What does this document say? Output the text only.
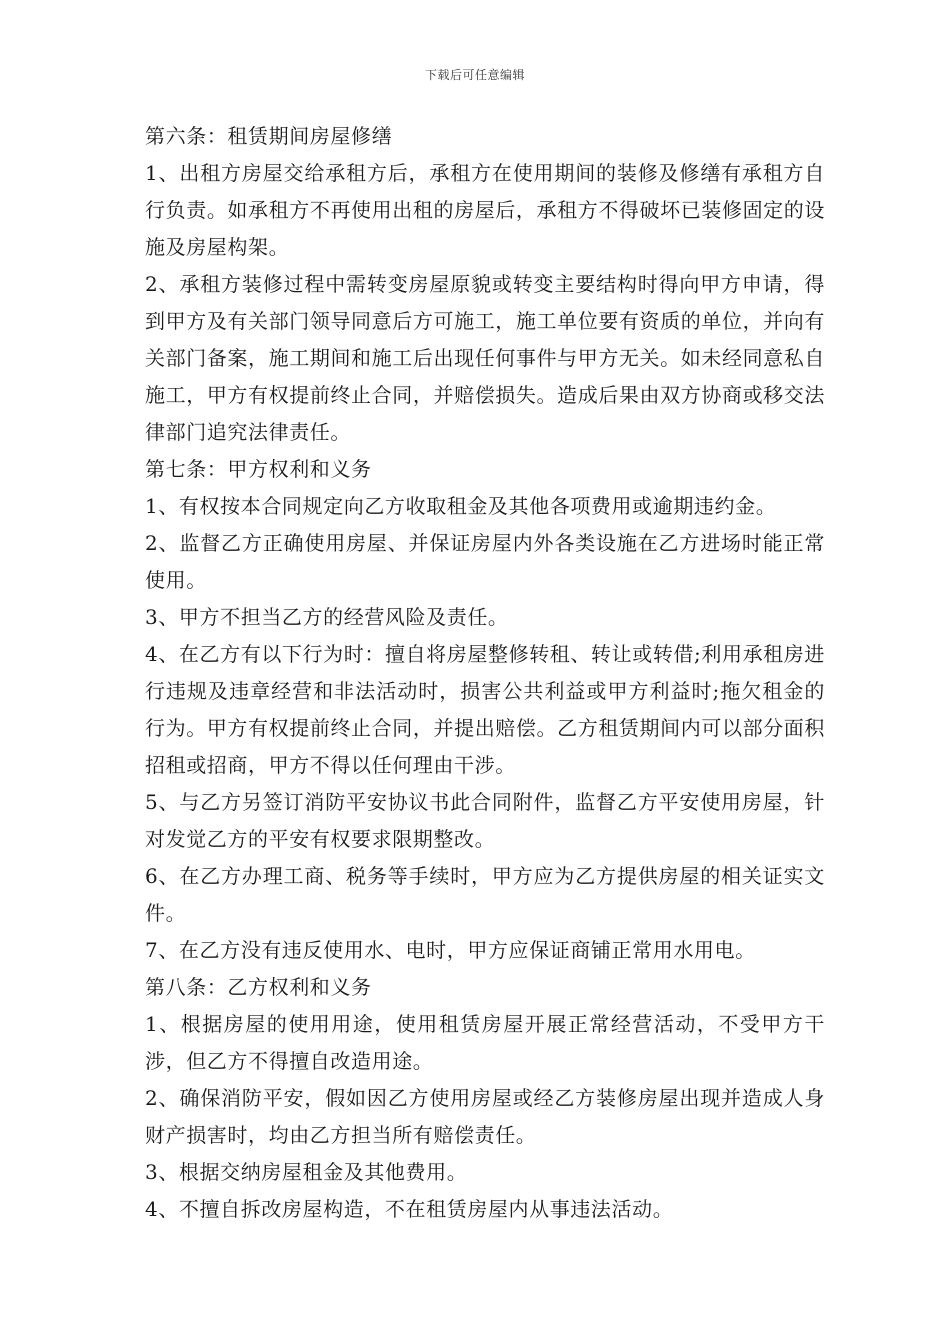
下载后可任意编辑

第六条：租赁期间房屋修缮

1、出租方房屋交给承租方后，承租方在使用期间的装修及修缮有承租方自行负责。如承租方不再使用出租的房屋后，承租方不得破坏已装修固定的设施及房屋构架。

2、承租方装修过程中需转变房屋原貌或转变主要结构时得向甲方申请，得到甲方及有关部门领导同意后方可施工，施工单位要有资质的单位，并向有关部门备案，施工期间和施工后出现任何事件与甲方无关。如未经同意私自施工，甲方有权提前终止合同，并赔偿损失。造成后果由双方协商或移交法律部门追究法律责任。

第七条：甲方权利和义务

1、有权按本合同规定向乙方收取租金及其他各项费用或逾期违约金。

2、监督乙方正确使用房屋、并保证房屋内外各类设施在乙方进场时能正常使用。

3、甲方不担当乙方的经营风险及责任。

4、在乙方有以下行为时：擅自将房屋整修转租、转让或转借;利用承租房进行违规及违章经营和非法活动时，损害公共利益或甲方利益时;拖欠租金的行为。甲方有权提前终止合同，并提出赔偿。乙方租赁期间内可以部分面积招租或招商，甲方不得以任何理由干涉。

5、与乙方另签订消防平安协议书此合同附件，监督乙方平安使用房屋，针对发觉乙方的平安有权要求限期整改。

6、在乙方办理工商、税务等手续时，甲方应为乙方提供房屋的相关证实文件。

7、在乙方没有违反使用水、电时，甲方应保证商铺正常用水用电。

第八条：乙方权利和义务

1、根据房屋的使用用途，使用租赁房屋开展正常经营活动，不受甲方干涉，但乙方不得擅自改造用途。

2、确保消防平安，假如因乙方使用房屋或经乙方装修房屋出现并造成人身财产损害时，均由乙方担当所有赔偿责任。

3、根据交纳房屋租金及其他费用。

4、不擅自拆改房屋构造，不在租赁房屋内从事违法活动。
